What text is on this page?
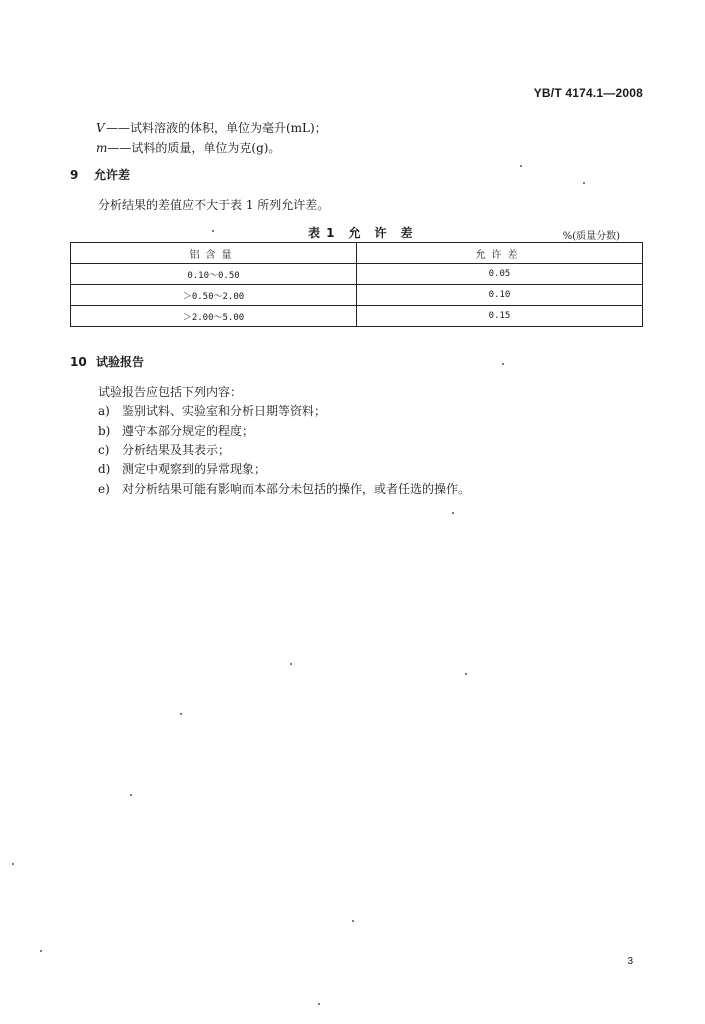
YB/T 4174.1—2008
V——试料溶液的体积，单位为毫升(mL)；
m——试料的质量，单位为克(g)。
9 允许差
分析结果的差值应不大于表 1 所列允许差。
表 1　允　许　差	%(质量分数)
铝含量	允许差
0.10～0.50	0.05
＞0.50～2.00	0.10
＞2.00～5.00	0.15
10 试验报告
试验报告应包括下列内容：
a) 鉴别试料、实验室和分析日期等资料；
b) 遵守本部分规定的程度；
c) 分析结果及其表示；
d) 测定中观察到的异常现象；
e) 对分析结果可能有影响而本部分未包括的操作，或者任选的操作。
3
